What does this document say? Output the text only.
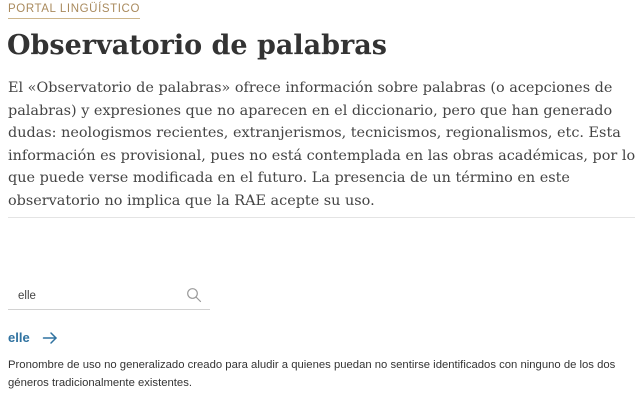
PORTAL LINGÜÍSTICO
Observatorio de palabras

El «Observatorio de palabras» ofrece información sobre palabras (o acepciones de palabras) y expresiones que no aparecen en el diccionario, pero que han generado dudas: neologismos recientes, extranjerismos, tecnicismos, regionalismos, etc. Esta información es provisional, pues no está contemplada en las obras académicas, por lo que puede verse modificada en el futuro. La presencia de un término en este observatorio no implica que la RAE acepte su uso.

elle
elle

Pronombre de uso no generalizado creado para aludir a quienes puedan no sentirse identificados con ninguno de los dos géneros tradicionalmente existentes.
